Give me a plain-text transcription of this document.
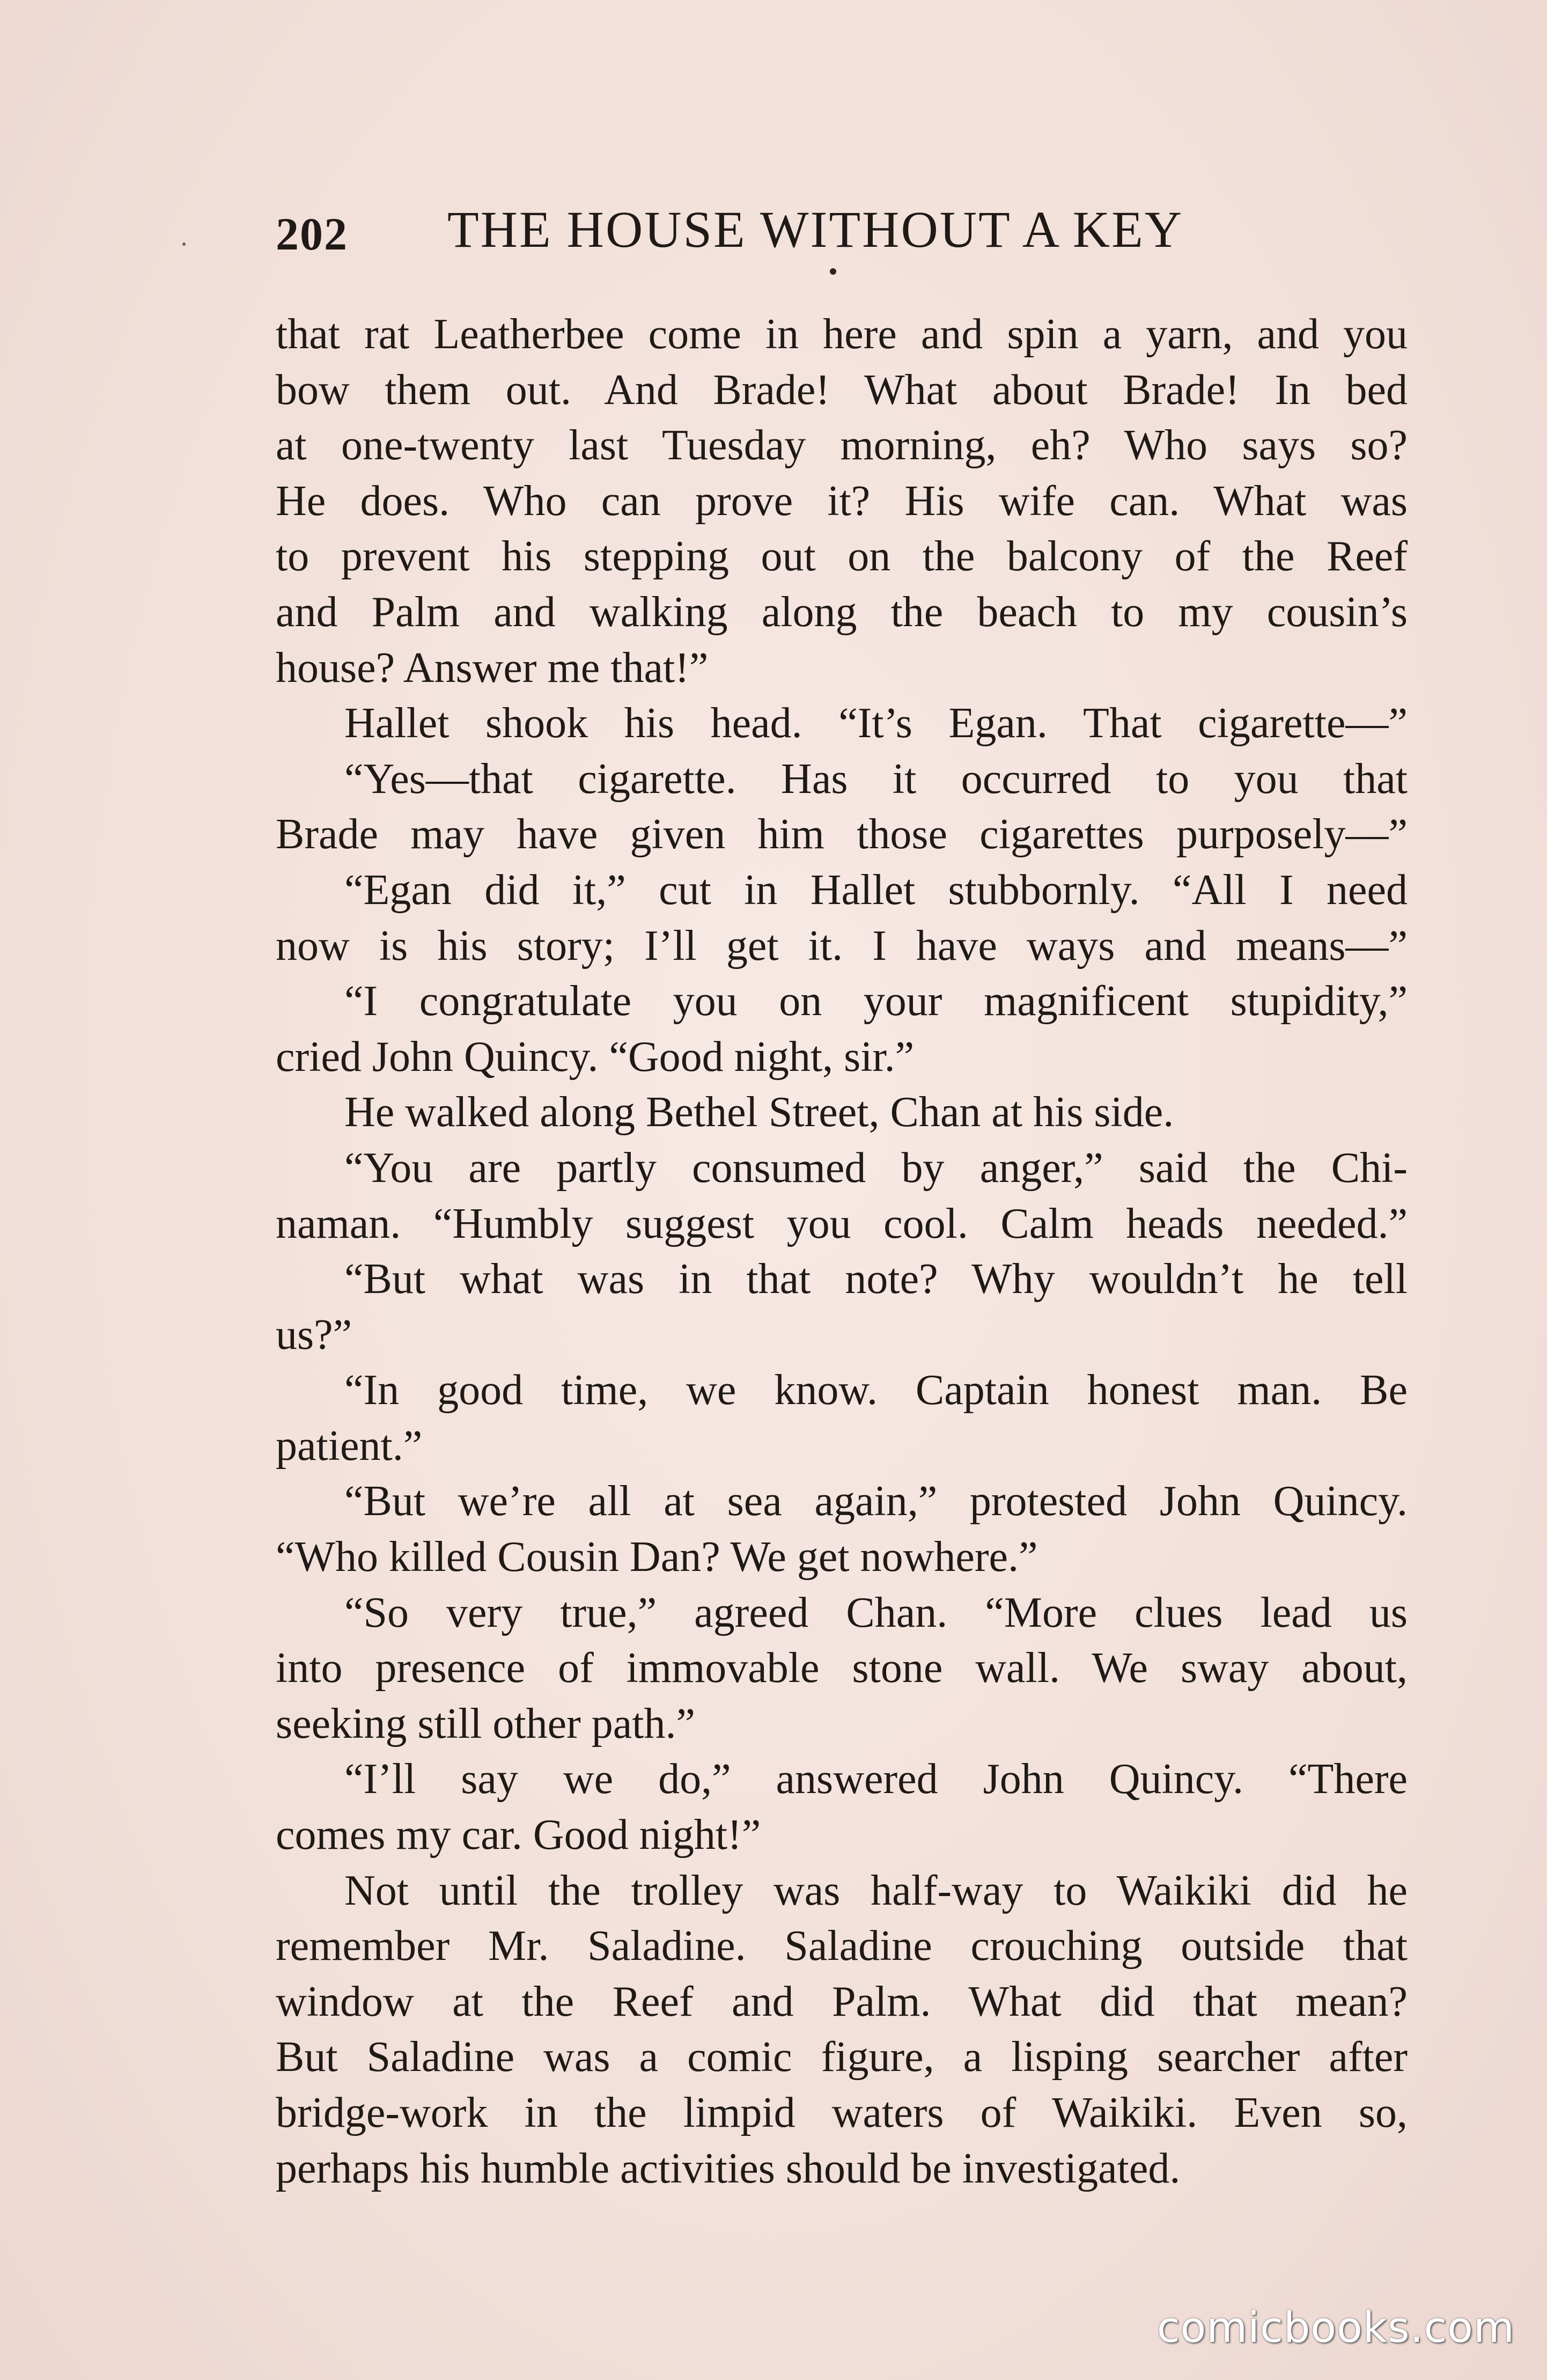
202 THE HOUSE WITHOUT A KEY
that rat Leatherbee come in here and spin a yarn, and you
bow them out. And Brade! What about Brade! In bed
at one-twenty last Tuesday morning, eh? Who says so?
He does. Who can prove it? His wife can. What was
to prevent his stepping out on the balcony of the Reef
and Palm and walking along the beach to my cousin’s
house? Answer me that!”
Hallet shook his head. “It’s Egan. That cigarette—”
“Yes—that cigarette. Has it occurred to you that
Brade may have given him those cigarettes purposely—”
“Egan did it,” cut in Hallet stubbornly. “All I need
now is his story; I’ll get it. I have ways and means—”
“I congratulate you on your magnificent stupidity,”
cried John Quincy. “Good night, sir.”
He walked along Bethel Street, Chan at his side.
“You are partly consumed by anger,” said the Chi-
naman. “Humbly suggest you cool. Calm heads needed.”
“But what was in that note? Why wouldn’t he tell
us?”
“In good time, we know. Captain honest man. Be
patient.”
“But we’re all at sea again,” protested John Quincy.
“Who killed Cousin Dan? We get nowhere.”
“So very true,” agreed Chan. “More clues lead us
into presence of immovable stone wall. We sway about,
seeking still other path.”
“I’ll say we do,” answered John Quincy. “There
comes my car. Good night!”
Not until the trolley was half-way to Waikiki did he
remember Mr. Saladine. Saladine crouching outside that
window at the Reef and Palm. What did that mean?
But Saladine was a comic figure, a lisping searcher after
bridge-work in the limpid waters of Waikiki. Even so,
perhaps his humble activities should be investigated.
comicbooks.com
